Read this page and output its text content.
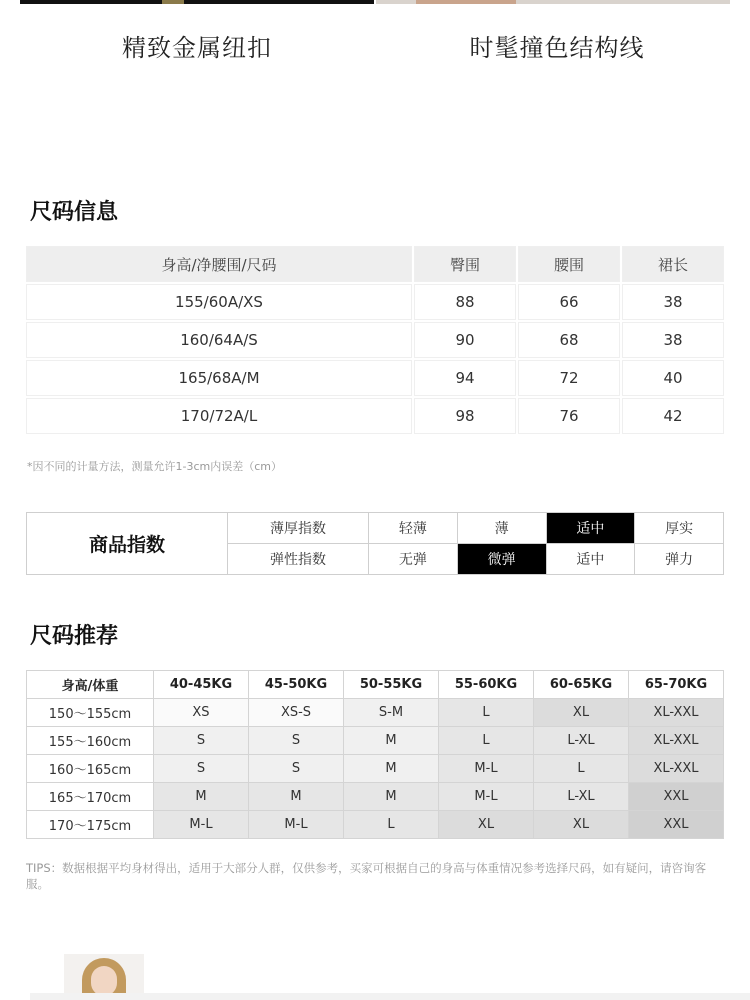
精致金属纽扣	时髦撞色结构线
尺码信息
身高/净腰围/尺码	臀围	腰围	裙长
155/60A/XS	88	66	38
160/64A/S	90	68	38
165/68A/M	94	72	40
170/72A/L	98	76	42
*因不同的计量方法，测量允许1-3cm内误差（cm）
商品指数	薄厚指数	轻薄	薄	适中	厚实
	弹性指数	无弹	微弹	适中	弹力
尺码推荐
身高/体重	40-45KG	45-50KG	50-55KG	55-60KG	60-65KG	65-70KG
150～155cm	XS	XS-S	S-M	L	XL	XL-XXL
155～160cm	S	S	M	L	L-XL	XL-XXL
160～165cm	S	S	M	M-L	L	XL-XXL
165～170cm	M	M	M	M-L	L-XL	XXL
170～175cm	M-L	M-L	L	XL	XL	XXL
TIPS：数据根据平均身材得出，适用于大部分人群，仅供参考，买家可根据自己的身高与体重情况参考选择尺码，如有疑问，请咨询客服。
